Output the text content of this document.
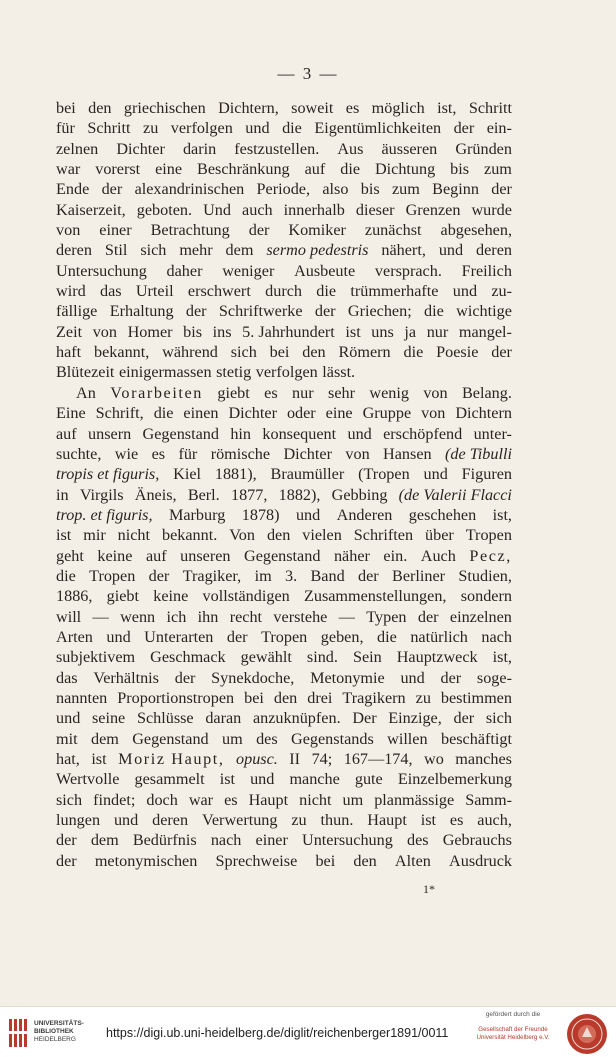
— 3 —
bei den griechischen Dichtern, soweit es möglich ist, Schritt
für Schritt zu verfolgen und die Eigentümlichkeiten der ein-
zelnen Dichter darin festzustellen. Aus äusseren Gründen
war vorerst eine Beschränkung auf die Dichtung bis zum
Ende der alexandrinischen Periode, also bis zum Beginn der
Kaiserzeit, geboten. Und auch innerhalb dieser Grenzen wurde
von einer Betrachtung der Komiker zunächst abgesehen,
deren Stil sich mehr dem sermo pedestris nähert, und deren
Untersuchung daher weniger Ausbeute versprach. Freilich
wird das Urteil erschwert durch die trümmerhafte und zu-
fällige Erhaltung der Schriftwerke der Griechen; die wichtige
Zeit von Homer bis ins 5. Jahrhundert ist uns ja nur mangel-
haft bekannt, während sich bei den Römern die Poesie der
Blütezeit einigermassen stetig verfolgen lässt.
An Vorarbeiten giebt es nur sehr wenig von Belang.
Eine Schrift, die einen Dichter oder eine Gruppe von Dichtern
auf unsern Gegenstand hin konsequent und erschöpfend unter-
suchte, wie es für römische Dichter von Hansen (de Tibulli
tropis et figuris, Kiel 1881), Braumüller (Tropen und Figuren
in Virgils Äneis, Berl. 1877, 1882), Gebbing (de Valerii Flacci
trop. et figuris, Marburg 1878) und Anderen geschehen ist,
ist mir nicht bekannt. Von den vielen Schriften über Tropen
geht keine auf unseren Gegenstand näher ein. Auch Pecz,
die Tropen der Tragiker, im 3. Band der Berliner Studien,
1886, giebt keine vollständigen Zusammenstellungen, sondern
will — wenn ich ihn recht verstehe — Typen der einzelnen
Arten und Unterarten der Tropen geben, die natürlich nach
subjektivem Geschmack gewählt sind. Sein Hauptzweck ist,
das Verhältnis der Synekdoche, Metonymie und der soge-
nannten Proportionstropen bei den drei Tragikern zu bestimmen
und seine Schlüsse daran anzuknüpfen. Der Einzige, der sich
mit dem Gegenstand um des Gegenstands willen beschäftigt
hat, ist Moriz Haupt, opusc. II 74; 167—174, wo manches
Wertvolle gesammelt ist und manche gute Einzelbemerkung
sich findet; doch war es Haupt nicht um planmässige Samm-
lungen und deren Verwertung zu thun. Haupt ist es auch,
der dem Bedürfnis nach einer Untersuchung des Gebrauchs
der metonymischen Sprechweise bei den Alten Ausdruck
1*
UNIVERSITÄTS-
BIBLIOTHEK
HEIDELBERG	https://digi.ub.uni-heidelberg.de/diglit/reichenberger1891/0011
gefördert durch die
Gesellschaft der Freunde
Universität Heidelberg e.V.
